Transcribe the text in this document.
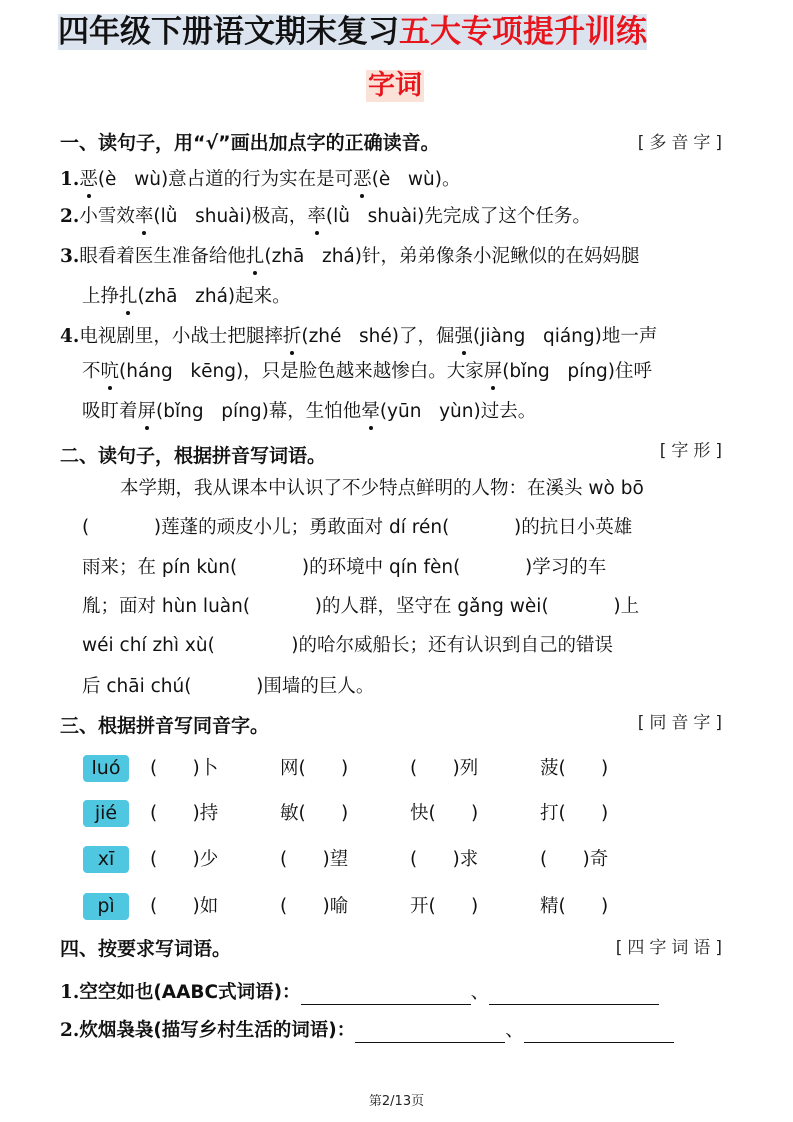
四年级下册语文期末复习五大专项提升训练
字词
一、读句子，用“√”画出加点字的正确读音。	[多音字]
1.恶(è   wù)意占道的行为实在是可恶(è   wù)。
2.小雪效率(lǜ   shuài)极高，率(lǜ   shuài)先完成了这个任务。
3.眼看着医生准备给他扎(zhā   zhá)针，弟弟像条小泥鳅似的在妈妈腿
上挣扎(zhā   zhá)起来。
4.电视剧里，小战士把腿摔折(zhé   shé)了，倔强(jiàng   qiáng)地一声
不吭(háng   kēng)，只是脸色越来越惨白。大家屏(bǐng   píng)住呼
吸盯着屏(bǐng   píng)幕，生怕他晕(yūn   yùn)过去。
二、读句子，根据拼音写词语。	[字形]
本学期，我从课本中认识了不少特点鲜明的人物：在溪头 wò bō
(           )莲蓬的顽皮小儿；勇敢面对 dí rén(           )的抗日小英雄
雨来；在 pín kùn(           )的环境中 qín fèn(           )学习的车
胤；面对 hùn luàn(           )的人群，坚守在 gǎng wèi(           )上
wéi chí zhì xù(             )的哈尔威船长；还有认识到自己的错误
后 chāi chú(           )围墙的巨人。
三、根据拼音写同音字。	[同音字]
luó	(      )卜	网(      )	(      )列	菠(      )
jié	(      )持	敏(      )	快(      )	打(      )
xī	(      )少	(      )望	(      )求	(      )奇
pì	(      )如	(      )喻	开(      )	精(      )
四、按要求写词语。	[四字词语]
1.空空如也(AABC式词语)：	、
2.炊烟袅袅(描写乡村生活的词语)：	、
第2/13页
